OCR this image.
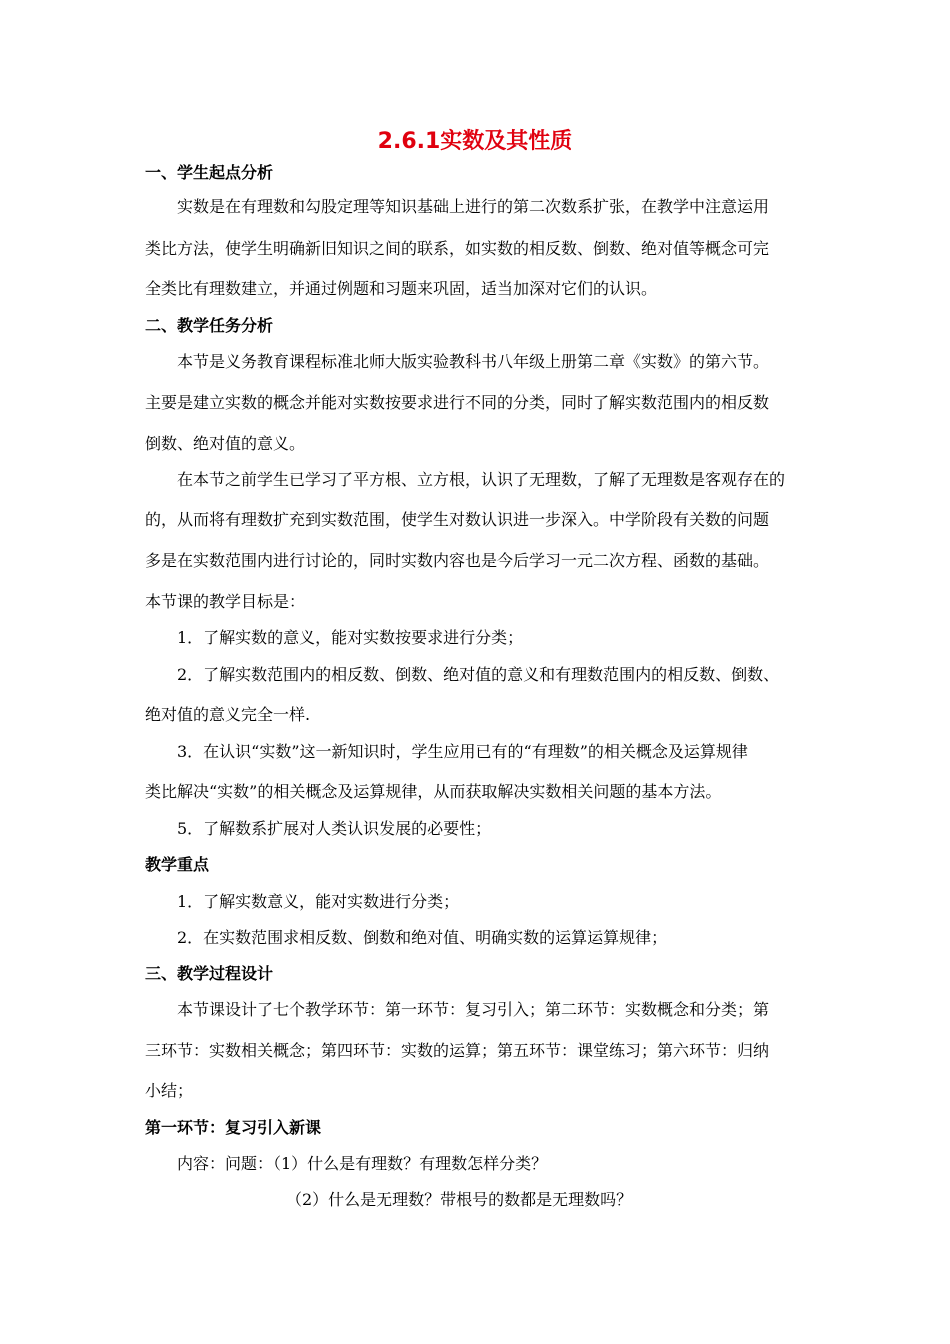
2.6.1实数及其性质
一、学生起点分析
实数是在有理数和勾股定理等知识基础上进行的第二次数系扩张，在教学中注意运用
类比方法，使学生明确新旧知识之间的联系，如实数的相反数、倒数、绝对值等概念可完
全类比有理数建立，并通过例题和习题来巩固，适当加深对它们的认识。
二、教学任务分析
本节是义务教育课程标准北师大版实验教科书八年级上册第二章《实数》的第六节。
主要是建立实数的概念并能对实数按要求进行不同的分类，同时了解实数范围内的相反数
倒数、绝对值的意义。
在本节之前学生已学习了平方根、立方根，认识了无理数，了解了无理数是客观存在的
的，从而将有理数扩充到实数范围，使学生对数认识进一步深入。中学阶段有关数的问题
多是在实数范围内进行讨论的，同时实数内容也是今后学习一元二次方程、函数的基础。
本节课的教学目标是：
1．了解实数的意义，能对实数按要求进行分类；
2．了解实数范围内的相反数、倒数、绝对值的意义和有理数范围内的相反数、倒数、
绝对值的意义完全一样.
3．在认识“实数”这一新知识时，学生应用已有的“有理数”的相关概念及运算规律
类比解决“实数”的相关概念及运算规律，从而获取解决实数相关问题的基本方法。
5．了解数系扩展对人类认识发展的必要性；
教学重点
1．了解实数意义，能对实数进行分类；
2．在实数范围求相反数、倒数和绝对值、明确实数的运算运算规律；
三、教学过程设计
本节课设计了七个教学环节：第一环节：复习引入；第二环节：实数概念和分类；第
三环节：实数相关概念；第四环节：实数的运算；第五环节：课堂练习；第六环节：归纳
小结；
第一环节：复习引入新课
内容：问题：（1）什么是有理数？有理数怎样分类？
（2）什么是无理数？带根号的数都是无理数吗？
